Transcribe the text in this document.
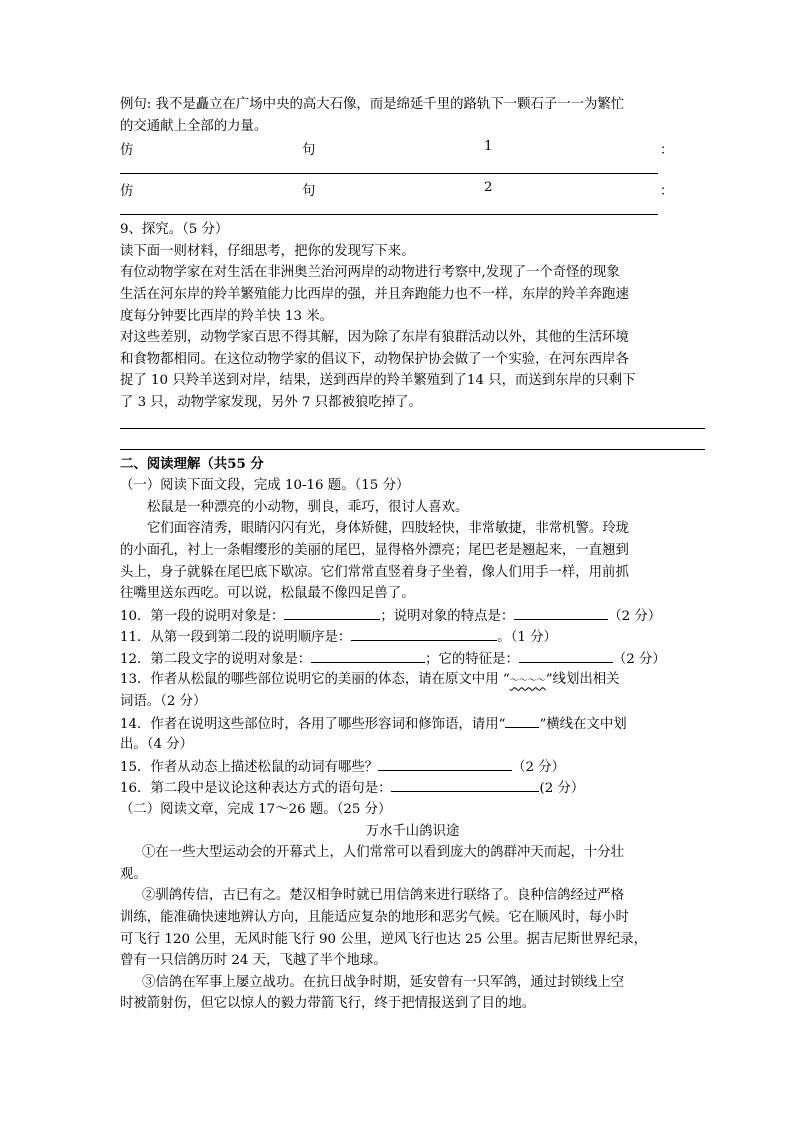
例句: 我不是矗立在广场中央的高大石像，而是绵延千里的路轨下一颗石子一一为繁忙
的交通献上全部的力量。
仿	句	1	：
仿	句	2	：
9、探究。（5 分）
读下面一则材料，仔细思考，把你的发现写下来。
有位动物学家在对生活在非洲奥兰治河两岸的动物进行考察中,发现了一个奇怪的现象
生活在河东岸的羚羊繁殖能力比西岸的强，并且奔跑能力也不一样，东岸的羚羊奔跑速
度每分钟要比西岸的羚羊快 13 米。
对这些差别，动物学家百思不得其解，因为除了东岸有狼群活动以外，其他的生活环境
和食物都相同。在这位动物学家的倡议下，动物保护协会做了一个实验，在河东西岸各
捉了 10 只羚羊送到对岸，结果，送到西岸的羚羊繁殖到了14 只，而送到东岸的只剩下
了 3 只，动物学家发现，另外 7 只都被狼吃掉了。
二、阅读理解（共55 分
（一）阅读下面文段，完成 10-16 题。（15 分）
松鼠是一种漂亮的小动物，驯良，乖巧，很讨人喜欢。
它们面容清秀，眼睛闪闪有光，身体矫健，四肢轻快，非常敏捷，非常机警。玲珑
的小面孔，衬上一条帽缨形的美丽的尾巴，显得格外漂亮；尾巴老是翘起来，一直翘到
头上，身子就躲在尾巴底下歇凉。它们常常直竖着身子坐着，像人们用手一样，用前抓
往嘴里送东西吃。可以说，松鼠最不像四足兽了。
10．第一段的说明对象是：	；说明对象的特点是：	（2 分）
11．从第一段到第二段的说明顺序是：	。（1 分）
12．第二段文字的说明对象是：	；它的特征是：	（2 分）
13．作者从松鼠的哪些部位说明它的美丽的体态，请在原文中用 “～～～～”线划出相关
词语。（2 分）
14．作者在说明这些部位时，各用了哪些形容词和修饰语，请用“	”横线在文中划
出。（4 分）
15．作者从动态上描述松鼠的动词有哪些？	（2 分）
16．第二段中是议论这种表达方式的语句是：	(2 分）
（二）阅读文章，完成 17～26 题。（25 分）
万水千山鸽识途
①在一些大型运动会的开幕式上，人们常常可以看到庞大的鸽群冲天而起，十分壮
观。
②驯鸽传信，古已有之。楚汉相争时就已用信鸽来进行联络了。良种信鸽经过严格
训练，能准确快速地辨认方向，且能适应复杂的地形和恶劣气候。它在顺风时，每小时
可飞行 120 公里，无风时能飞行 90 公里，逆风飞行也达 25 公里。据吉尼斯世界纪录，
曾有一只信鸽历时 24 天，飞越了半个地球。
③信鸽在军事上屡立战功。在抗日战争时期，延安曾有一只军鸽，通过封锁线上空
时被箭射伤，但它以惊人的毅力带箭飞行，终于把情报送到了目的地。
